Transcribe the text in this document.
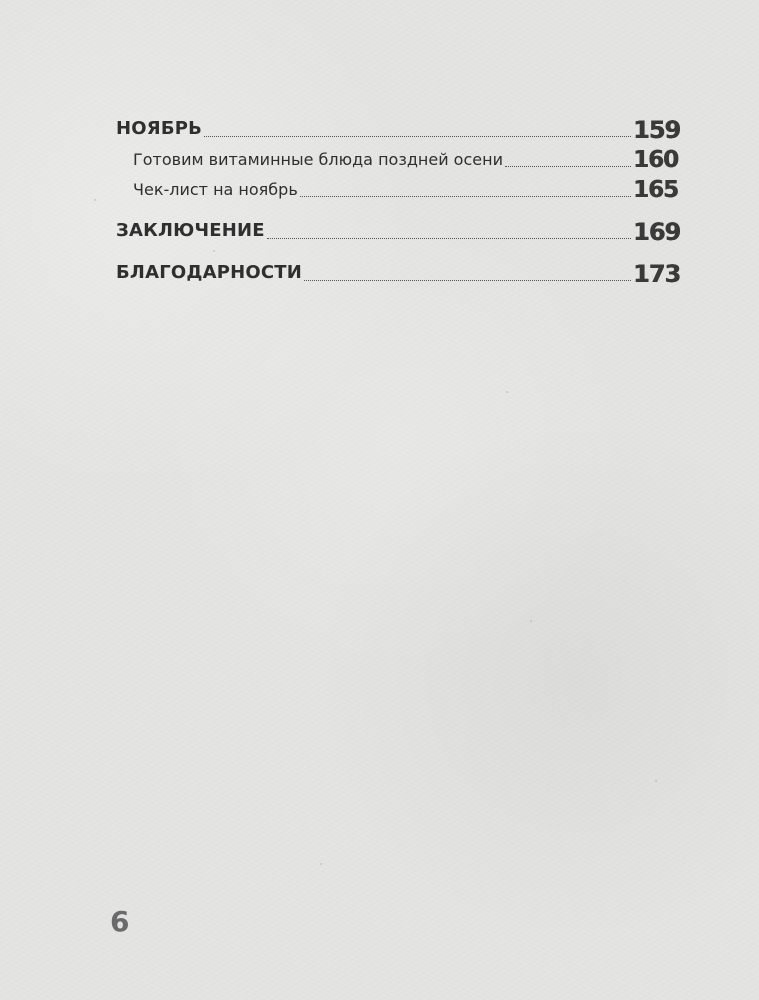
НОЯБРЬ	159
Готовим витаминные блюда поздней осени	160
Чек-лист на ноябрь	165
ЗАКЛЮЧЕНИЕ	169
БЛАГОДАРНОСТИ	173
6
